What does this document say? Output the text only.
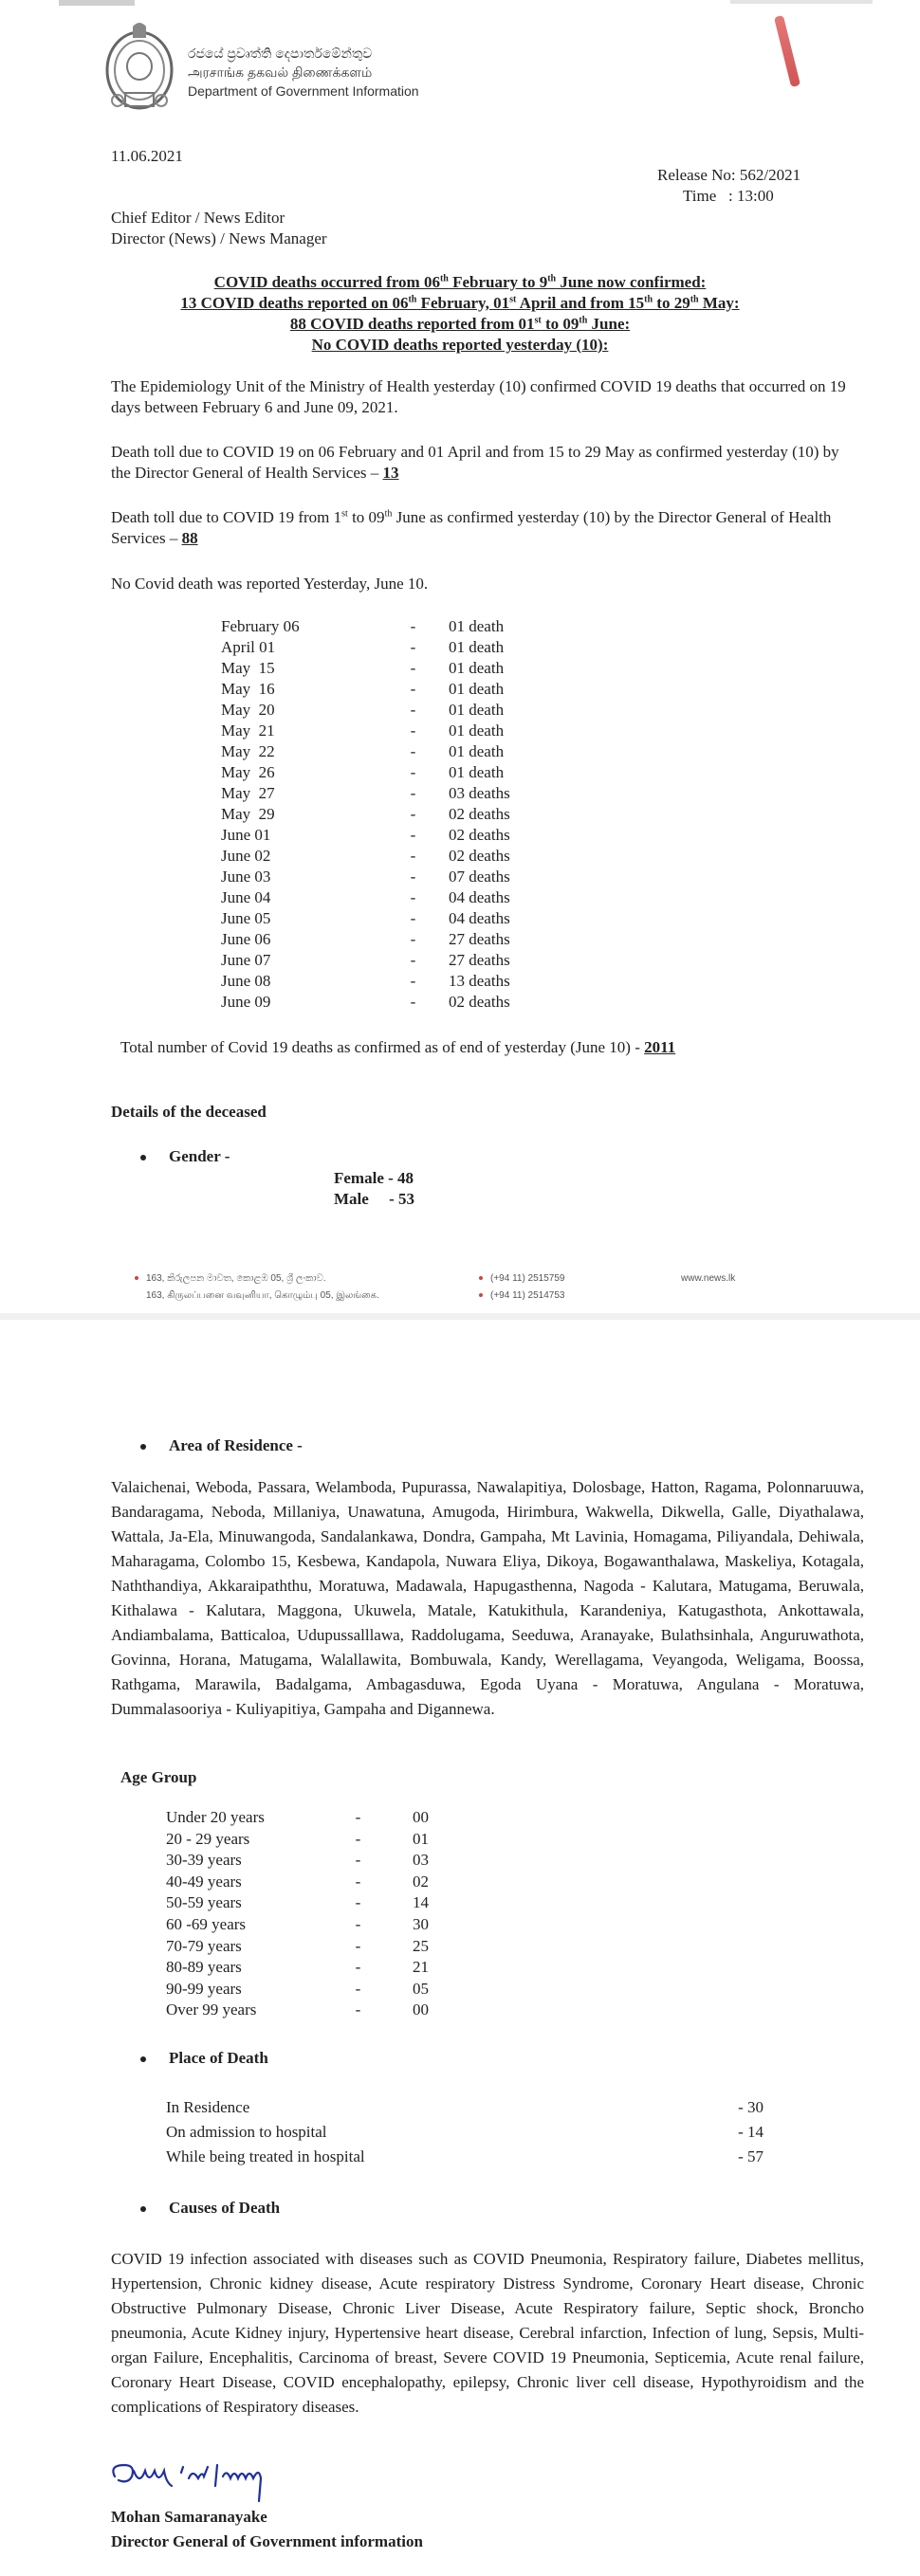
රජයේ ප්‍රවෘත්ති දෙපාර්තමේන්තුව
அரசாங்க தகவல் திணைக்களம்
Department of Government Information
11.06.2021
Release No: 562/2021
Time   : 13:00
Chief Editor / News Editor
Director (News) / News Manager
COVID deaths occurred from 06th February to 9th June now confirmed:
13 COVID deaths reported on 06th February, 01st April and from 15th to 29th May:
88 COVID deaths reported from 01st to 09th June:
No COVID deaths reported yesterday (10):
The Epidemiology Unit of the Ministry of Health yesterday (10) confirmed COVID 19 deaths that occurred on 19 days between February 6 and June 09, 2021.
Death toll due to COVID 19 on 06 February and 01 April and from 15 to 29 May as confirmed yesterday (10) by the Director General of Health Services – 13
Death toll due to COVID 19 from 1st to 09th June as confirmed yesterday (10) by the Director General of Health Services – 88
No Covid death was reported Yesterday, June 10.
February 06	-	01 death
April 01	-	01 death
May  15	-	01 death
May  16	-	01 death
May  20	-	01 death
May  21	-	01 death
May  22	-	01 death
May  26	-	01 death
May  27	-	03 deaths
May  29	-	02 deaths
June 01	-	02 deaths
June 02	-	02 deaths
June 03	-	07 deaths
June 04	-	04 deaths
June 05	-	04 deaths
June 06	-	27 deaths
June 07	-	27 deaths
June 08	-	13 deaths
June 09	-	02 deaths
Total number of Covid 19 deaths as confirmed as of end of yesterday (June 10) - 2011
Details of the deceased
Gender -
Female - 48
Male     - 53
163, කිරුලපන මාවත, කොළඹ 05, ශ්‍රී ලංකාව.
163, கிருலப்பனை வவுனியா, கொழும்பு 05, இலங்கை.
(+94 11) 2515759
(+94 11) 2514753
www.news.lk
Area of Residence -
Valaichenai, Weboda, Passara, Welamboda, Pupurassa, Nawalapitiya, Dolosbage, Hatton, Ragama, Polonnaruuwa, Bandaragama, Neboda, Millaniya, Unawatuna, Amugoda, Hirimbura, Wakwella, Dikwella, Galle, Diyathalawa, Wattala, Ja-Ela, Minuwangoda, Sandalankawa, Dondra, Gampaha, Mt Lavinia, Homagama, Piliyandala, Dehiwala, Maharagama, Colombo 15, Kesbewa, Kandapola, Nuwara Eliya, Dikoya, Bogawanthalawa, Maskeliya, Kotagala, Naththandiya, Akkaraipaththu, Moratuwa, Madawala, Hapugasthenna, Nagoda - Kalutara, Matugama, Beruwala, Kithalawa - Kalutara, Maggona, Ukuwela, Matale, Katukithula, Karandeniya, Katugasthota, Ankottawala, Andiambalama, Batticaloa, Udupussalllawa, Raddolugama, Seeduwa, Aranayake, Bulathsinhala, Anguruwathota, Govinna, Horana, Matugama, Walallawita, Bombuwala, Kandy, Werellagama, Veyangoda, Weligama, Boossa, Rathgama, Marawila, Badalgama, Ambagasduwa, Egoda Uyana - Moratuwa, Angulana - Moratuwa, Dummalasooriya - Kuliyapitiya, Gampaha and Digannewa.
Age Group
Under 20 years	-	00
20 - 29 years	-	01
30-39 years	-	03
40-49 years	-	02
50-59 years	-	14
60 -69 years	-	30
70-79 years	-	25
80-89 years	-	21
90-99 years	-	05
Over 99 years	-	00
Place of Death
In Residence	- 30
On admission to hospital	- 14
While being treated in hospital	- 57
Causes of Death
COVID 19 infection associated with diseases such as COVID Pneumonia, Respiratory failure, Diabetes mellitus, Hypertension, Chronic kidney disease, Acute respiratory Distress Syndrome, Coronary Heart disease, Chronic Obstructive Pulmonary Disease, Chronic Liver Disease, Acute Respiratory failure, Septic shock, Broncho pneumonia, Acute Kidney injury, Hypertensive heart disease, Cerebral infarction, Infection of lung, Sepsis, Multi-organ Failure, Encephalitis, Carcinoma of breast, Severe COVID 19 Pneumonia, Septicemia, Acute renal failure, Coronary Heart Disease, COVID encephalopathy, epilepsy, Chronic liver cell disease, Hypothyroidism and the complications of Respiratory diseases.
Mohan Samaranayake
Director General of Government information
